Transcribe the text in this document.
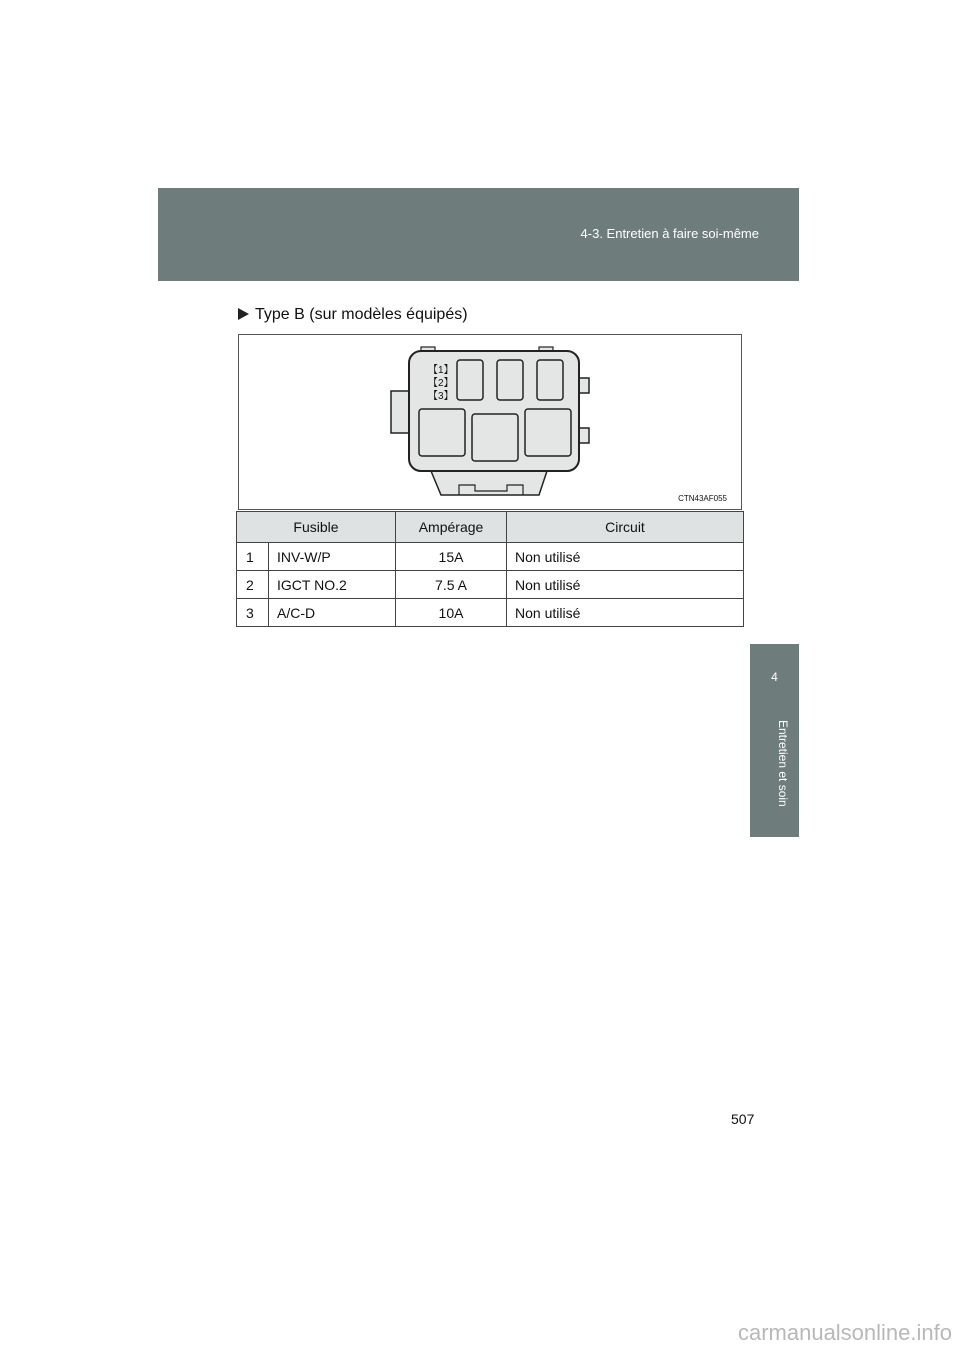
4-3. Entretien à faire soi-même
4
Entretien et soin
Type B (sur modèles équipés)
【1】
【2】
【3】
CTN43AF055
Fusible		Ampérage	Circuit
1	INV-W/P	15A	Non utilisé
2	IGCT NO.2	7.5 A	Non utilisé
3	A/C-D	10A	Non utilisé
507
carmanualsonline.info
